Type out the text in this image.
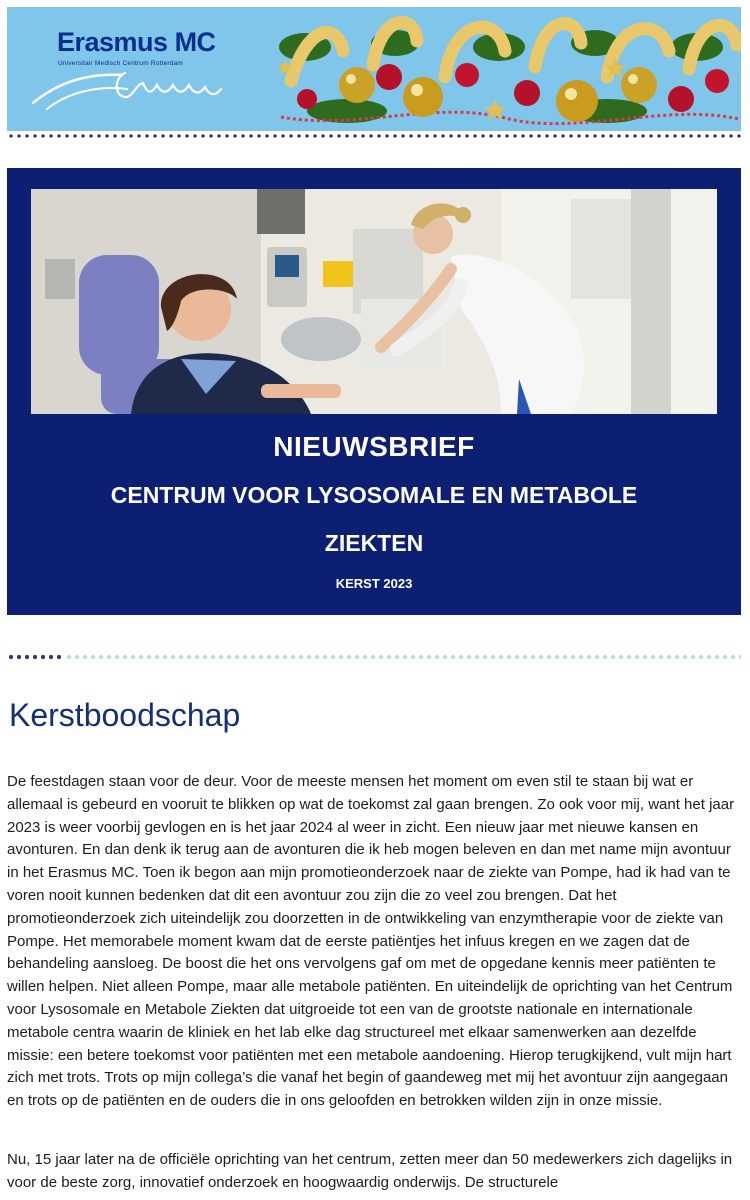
Erasmus MC
Universitair Medisch Centrum Rotterdam
NIEUWSBRIEF
CENTRUM VOOR LYSOSOMALE EN METABOLE
ZIEKTEN
KERST 2023
Kerstboodschap

De feestdagen staan voor de deur. Voor de meeste mensen het moment om even stil te staan bij wat er allemaal is gebeurd en vooruit te blikken op wat de toekomst zal gaan brengen. Zo ook voor mij, want het jaar 2023 is weer voorbij gevlogen en is het jaar 2024 al weer in zicht. Een nieuw jaar met nieuwe kansen en avonturen. En dan denk ik terug aan de avonturen die ik heb mogen beleven en dan met name mijn avontuur in het Erasmus MC. Toen ik begon aan mijn promotieonderzoek naar de ziekte van Pompe, had ik had van te voren nooit kunnen bedenken dat dit een avontuur zou zijn die zo veel zou brengen. Dat het promotieonderzoek zich uiteindelijk zou doorzetten in de ontwikkeling van enzymtherapie voor de ziekte van Pompe. Het memorabele moment kwam dat de eerste patiëntjes het infuus kregen en we zagen dat de behandeling aansloeg. De boost die het ons vervolgens gaf om met de opgedane kennis meer patiënten te willen helpen. Niet alleen Pompe, maar alle metabole patiënten. En uiteindelijk de oprichting van het Centrum voor Lysosomale en Metabole Ziekten dat uitgroeide tot een van de grootste nationale en internationale metabole centra waarin de kliniek en het lab elke dag structureel met elkaar samenwerken aan dezelfde missie: een betere toekomst voor patiënten met een metabole aandoening. Hierop terugkijkend, vult mijn hart zich met trots. Trots op mijn collega’s die vanaf het begin of gaandeweg met mij het avontuur zijn aangegaan en trots op de patiënten en de ouders die in ons geloofden en betrokken wilden zijn in onze missie.

Nu, 15 jaar later na de officiële oprichting van het centrum, zetten meer dan 50 medewerkers zich dagelijks in voor de beste zorg, innovatief onderzoek en hoogwaardig onderwijs. De structurele
